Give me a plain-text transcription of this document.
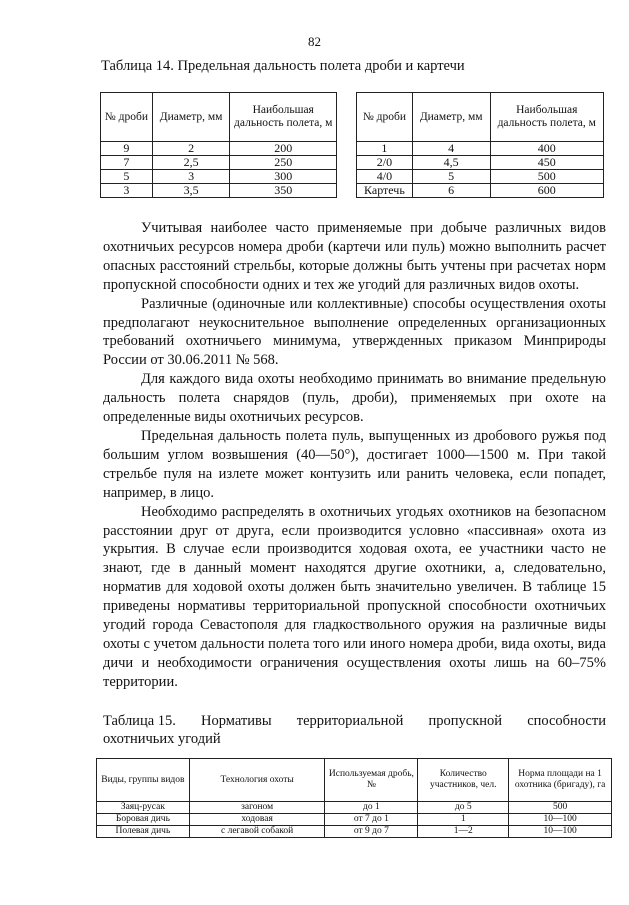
82
Таблица 14. Предельная дальность полета дроби и картечи
№ дроби	Диаметр, мм	Наибольшая дальность полета, м
9	2	200
7	2,5	250
5	3	300
3	3,5	350
№ дроби	Диаметр, мм	Наибольшая дальность полета, м
1	4	400
2/0	4,5	450
4/0	5	500
Картечь	6	600

Учитывая наиболее часто применяемые при добыче различных видов охотничьих ресурсов номера дроби (картечи или пуль) можно выполнить расчет опасных расстояний стрельбы, которые должны быть учтены при расчетах норм пропускной способности одних и тех же угодий для различных видов охоты.

Различные (одиночные или коллективные) способы осуществления охоты предполагают неукоснительное выполнение определенных организационных требований охотничьего минимума, утвержденных приказом Минприроды России от 30.06.2011 № 568.

Для каждого вида охоты необходимо принимать во внимание предельную дальность полета снарядов (пуль, дроби), применяемых при охоте на определенные виды охотничьих ресурсов.

Предельная дальность полета пуль, выпущенных из дробового ружья под большим углом возвышения (40—50°), достигает 1000—1500 м. При такой стрельбе пуля на излете может контузить или ранить человека, если попадет, например, в лицо.

Необходимо распределять в охотничьих угодьях охотников на безопасном расстоянии друг от друга, если производится условно «пассивная» охота из укрытия. В случае если производится ходовая охота, ее участники часто не знают, где в данный момент находятся другие охотники, а, следовательно, норматив для ходовой охоты должен быть значительно увеличен. В таблице 15 приведены нормативы территориальной пропускной способности охотничьих угодий города Севастополя для гладкоствольного оружия на различные виды охоты с учетом дальности полета того или иного номера дроби, вида охоты, вида дичи и необходимости ограничения осуществления охоты лишь на 60–75% территории.

Таблица 15. Нормативы территориальной пропускной способности
охотничьих угодий
Виды, группы видов	Технология охоты	Используемая дробь, №	Количество участников, чел.	Норма площади на 1 охотника (бригаду), га
Заяц-русак	загоном	до 1	до 5	500
Боровая дичь	ходовая	от 7 до 1	1	10—100
Полевая дичь	с легавой собакой	от 9 до 7	1—2	10—100
